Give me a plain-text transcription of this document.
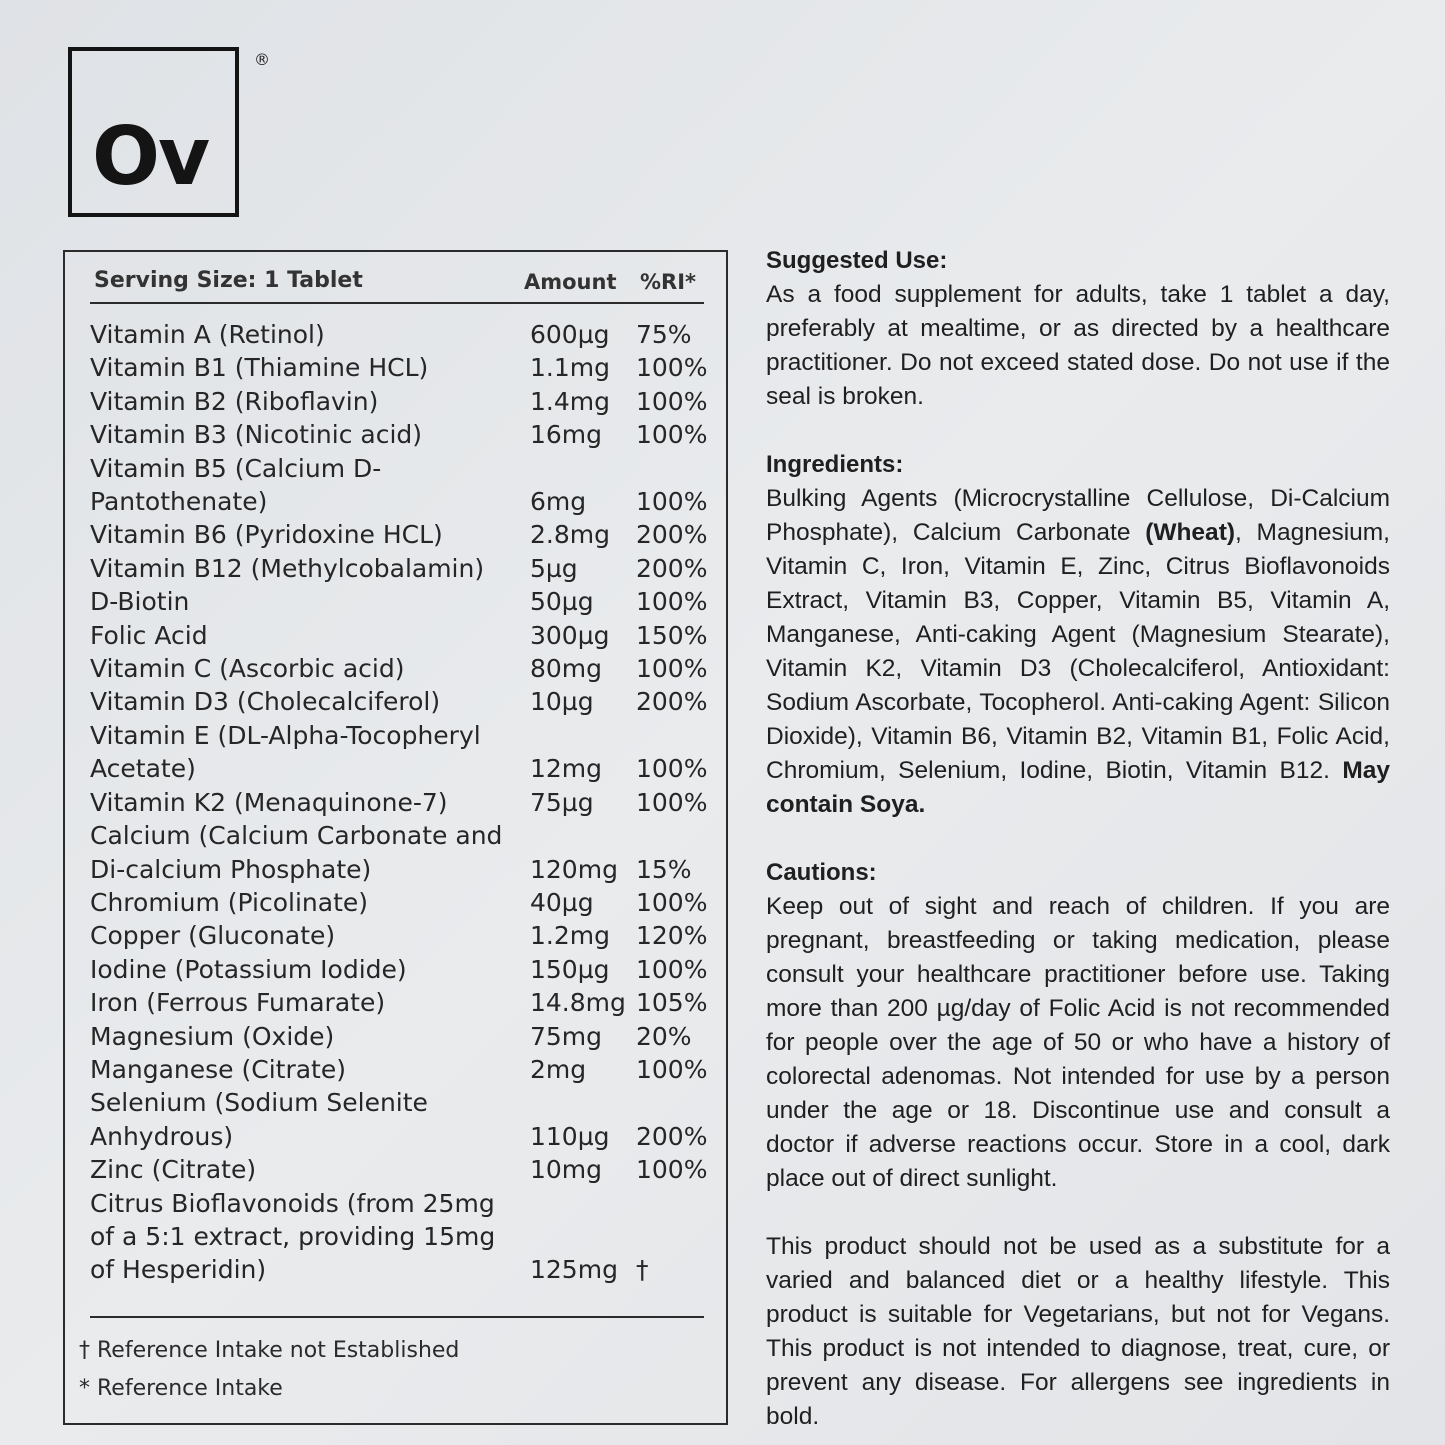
Ov
®
Serving Size: 1 Tablet	Amount %RI*
Vitamin A (Retinol)	600µg 75%
Vitamin B1 (Thiamine HCL)	1.1mg 100%
Vitamin B2 (Riboflavin)	1.4mg 100%
Vitamin B3 (Nicotinic acid)	16mg 100%
Vitamin B5 (Calcium D-Pantothenate)	6mg 100%
Vitamin B6 (Pyridoxine HCL)	2.8mg 200%
Vitamin B12 (Methylcobalamin)	5µg 200%
D-Biotin	50µg 100%
Folic Acid	300µg 150%
Vitamin C (Ascorbic acid)	80mg 100%
Vitamin D3 (Cholecalciferol)	10µg 200%
Vitamin E (DL-Alpha-Tocopheryl Acetate)	12mg 100%
Vitamin K2 (Menaquinone-7)	75µg 100%
Calcium (Calcium Carbonate and Di-calcium Phosphate)	120mg 15%
Chromium (Picolinate)	40µg 100%
Copper (Gluconate)	1.2mg 120%
Iodine (Potassium Iodide)	150µg 100%
Iron (Ferrous Fumarate)	14.8mg 105%
Magnesium (Oxide)	75mg 20%
Manganese (Citrate)	2mg 100%
Selenium (Sodium Selenite Anhydrous)	110µg 200%
Zinc (Citrate)	10mg 100%
Citrus Bioflavonoids (from 25mg of a 5:1 extract, providing 15mg of Hesperidin)	125mg †
† Reference Intake not Established
* Reference Intake
Suggested Use:

As a food supplement for adults, take 1 tablet a day, preferably at mealtime, or as directed by a healthcare practitioner. Do not exceed stated dose. Do not use if the seal is broken.

Ingredients:

Bulking Agents (Microcrystalline Cellulose, Di-Calcium Phosphate), Calcium Carbonate (Wheat), Magnesium, Vitamin C, Iron, Vitamin E, Zinc, Citrus Bioflavonoids Extract, Vitamin B3, Copper, Vitamin B5, Vitamin A, Manganese, Anti-caking Agent (Magnesium Stearate), Vitamin K2, Vitamin D3 (Cholecalciferol, Antioxidant: Sodium Ascorbate, Tocopherol. Anti-caking Agent: Silicon Dioxide), Vitamin B6, Vitamin B2, Vitamin B1, Folic Acid, Chromium, Selenium, Iodine, Biotin, Vitamin B12. May contain Soya.

Cautions:

Keep out of sight and reach of children. If you are pregnant, breastfeeding or taking medication, please consult your healthcare practitioner before use. Taking more than 200 µg/day of Folic Acid is not recommended for people over the age of 50 or who have a history of colorectal adenomas. Not intended for use by a person under the age or 18. Discontinue use and consult a doctor if adverse reactions occur. Store in a cool, dark place out of direct sunlight.

This product should not be used as a substitute for a varied and balanced diet or a healthy lifestyle. This product is suitable for Vegetarians, but not for Vegans. This product is not intended to diagnose, treat, cure, or prevent any disease. For allergens see ingredients in bold.
